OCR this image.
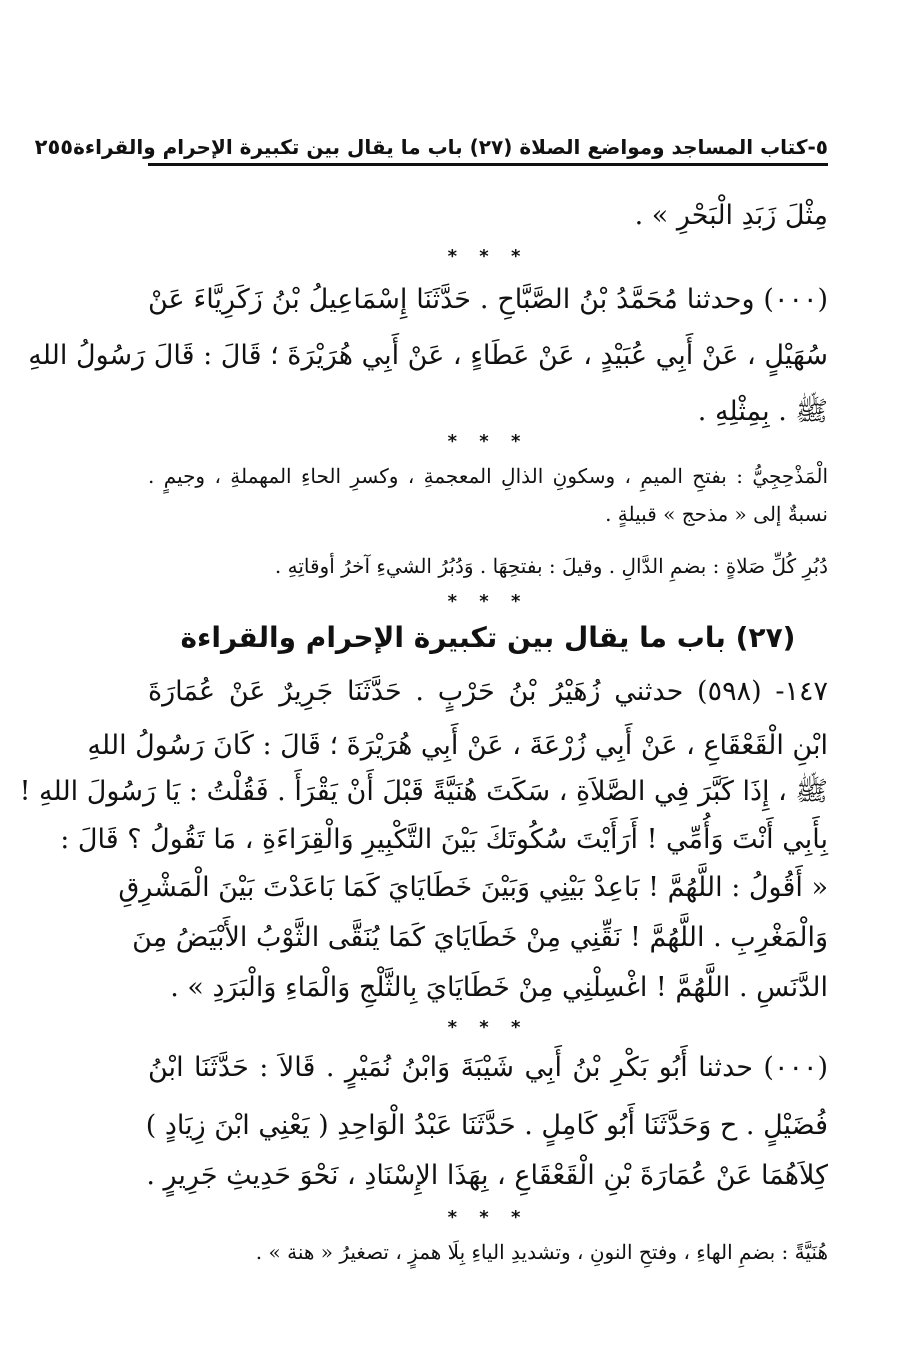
٥-كتاب المساجد ومواضع الصلاة (٢٧) باب ما يقال بين تكبيرة الإحرام والقراءة
٢٥٥
مِثْلَ زَبَدِ الْبَحْرِ » .
* * *
(٠٠٠) وحدثنا مُحَمَّدُ بْنُ الصَّبَّاحِ . حَدَّثَنَا إِسْمَاعِيلُ بْنُ زَكَرِيَّاءَ عَنْ
سُهَيْلٍ ، عَنْ أَبِي عُبَيْدٍ ، عَنْ عَطَاءٍ ، عَنْ أَبِي هُرَيْرَةَ ؛ قَالَ : قَالَ رَسُولُ اللهِ
ﷺ . بِمِثْلِهِ .
* * *
الْمَذْحِجِيُّ : بفتحِ الميمِ ، وسكونِ الذالِ المعجمةِ ، وكسرِ الحاءِ المهملةِ ، وجيمٍ .
نسبةٌ إلى « مذحج » قبيلةٍ .
دُبُرِ كُلِّ صَلاةٍ : بضمِ الدَّالِ . وقيلَ : بفتحِهَا . وَدُبُرُ الشيءِ آخرُ أوقاتِهِ .
* * *
(٢٧) باب ما يقال بين تكبيرة الإحرام والقراءة
١٤٧- (٥٩٨) حدثني زُهَيْرُ بْنُ حَرْبٍ . حَدَّثَنَا جَرِيرٌ عَنْ عُمَارَةَ
ابْنِ الْقَعْقَاعِ ، عَنْ أَبِي زُرْعَةَ ، عَنْ أَبِي هُرَيْرَةَ ؛ قَالَ : كَانَ رَسُولُ اللهِ
ﷺ ، إِذَا كَبَّرَ فِي الصَّلاَةِ ، سَكَتَ هُنَيَّةً قَبْلَ أَنْ يَقْرَأَ . فَقُلْتُ : يَا رَسُولَ اللهِ !
بِأَبِي أَنْتَ وَأُمِّي ! أَرَأَيْتَ سُكُوتَكَ بَيْنَ التَّكْبِيرِ وَالْقِرَاءَةِ ، مَا تَقُولُ ؟ قَالَ :
« أَقُولُ : اللَّهُمَّ ! بَاعِدْ بَيْنِي وَبَيْنَ خَطَايَايَ كَمَا بَاعَدْتَ بَيْنَ الْمَشْرِقِ
وَالْمَغْرِبِ . اللَّهُمَّ ! نَقِّنِي مِنْ خَطَايَايَ كَمَا يُنَقَّى الثَّوْبُ الأَبْيَضُ مِنَ
الدَّنَسِ . اللَّهُمَّ ! اغْسِلْنِي مِنْ خَطَايَايَ بِالثَّلْجِ وَالْمَاءِ وَالْبَرَدِ » .
* * *
(٠٠٠) حدثنا أَبُو بَكْرِ بْنُ أَبِي شَيْبَةَ وَابْنُ نُمَيْرٍ . قَالاَ : حَدَّثَنَا ابْنُ
فُضَيْلٍ . ح وَحَدَّثَنَا أَبُو كَامِلٍ . حَدَّثَنَا عَبْدُ الْوَاحِدِ ( يَعْنِي ابْنَ زِيَادٍ )
كِلاَهُمَا عَنْ عُمَارَةَ بْنِ الْقَعْقَاعِ ، بِهَذَا الإِسْنَادِ ، نَحْوَ حَدِيثِ جَرِيرٍ .
* * *
هُنَيَّةً : بضمِ الهاءِ ، وفتحِ النونِ ، وتشديدِ الياءِ بِلَا همزٍ ، تصغيرُ « هنة » .
